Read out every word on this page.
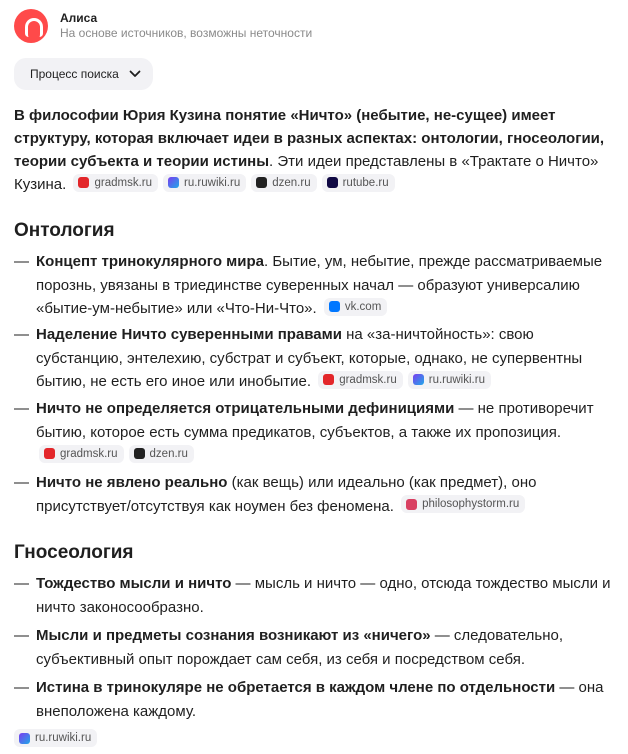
Алиса
На основе источников, возможны неточности
Процесс поиска
В философии Юрия Кузина понятие «Ничто» (небытие, не-сущее) имеет структуру, которая включает идеи в разных аспектах: онтологии, гносеологии, теории субъекта и теории истины. Эти идеи представлены в «Трактате о Ничто» Кузина. gradmsk.ru	ru.ruwiki.ru	dzen.ru	rutube.ru
Онтология
— Концепт тринокулярного мира. Бытие, ум, небытие, прежде рассматриваемые порознь, увязаны в триединстве суверенных начал — образуют универсалию «бытие-ум-небытие» или «Что-Ни-Что». vk.com
— Наделение Ничто суверенными правами на «за-ничтойность»: свою субстанцию, энтелехию, субстрат и субъект, которые, однако, не супервентны бытию, не есть его иное или инобытие. gradmsk.ru	ru.ruwiki.ru
— Ничто не определяется отрицательными дефинициями — не противоречит бытию, которое есть сумма предикатов, субъектов, а также их пропозиция.
gradmsk.ru	dzen.ru
— Ничто не явлено реально (как вещь) или идеально (как предмет), оно присутствует/отсутствуя как ноумен без феномена. philosophystorm.ru
Гносеология
— Тождество мысли и ничто — мысль и ничто — одно, отсюда тождество мысли и ничто законосообразно.
— Мысли и предметы сознания возникают из «ничего» — следовательно, субъективный опыт порождает сам себя, из себя и посредством себя.
— Истина в тринокуляре не обретается в каждом члене по отдельности — она внеположена каждому.
ru.ruwiki.ru
